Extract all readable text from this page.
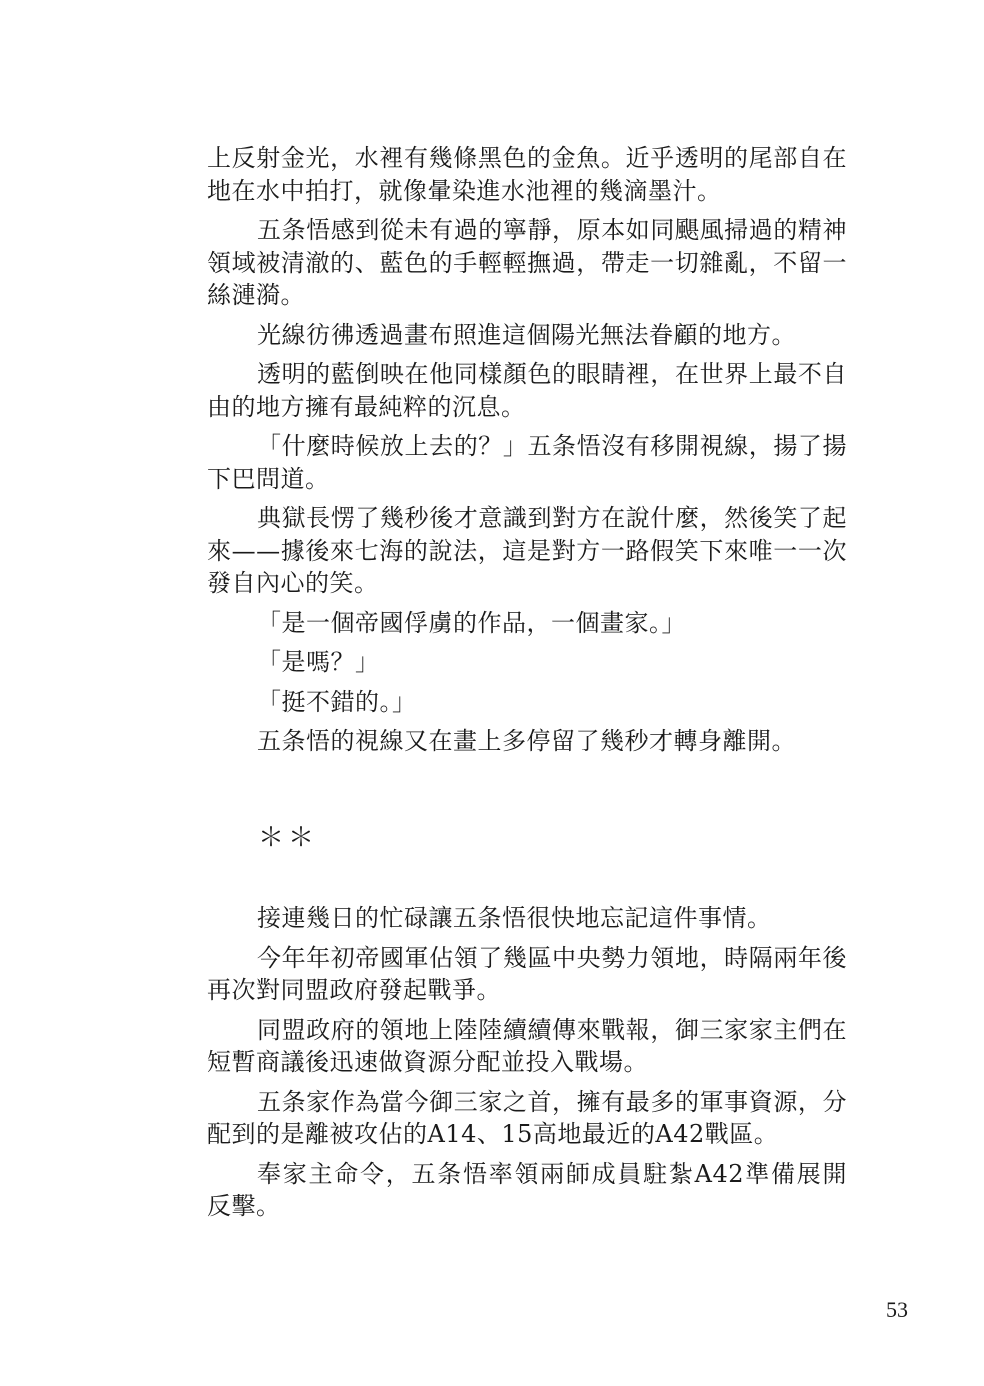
上反射金光，水裡有幾條黑色的金魚。近乎透明的尾部自在
地在水中拍打，就像暈染進水池裡的幾滴墨汁。
五条悟感到從未有過的寧靜，原本如同颶風掃過的精神
領域被清澈的、藍色的手輕輕撫過，帶走一切雜亂，不留一
絲漣漪。
光線彷彿透過畫布照進這個陽光無法眷顧的地方。
透明的藍倒映在他同樣顏色的眼睛裡，在世界上最不自
由的地方擁有最純粹的沉息。
「什麼時候放上去的？」五条悟沒有移開視線，揚了揚
下巴問道。
典獄長愣了幾秒後才意識到對方在說什麼，然後笑了起
來——據後來七海的說法，這是對方一路假笑下來唯一一次
發自內心的笑。
「是一個帝國俘虜的作品，一個畫家。」
「是嗎？」
「挺不錯的。」
五条悟的視線又在畫上多停留了幾秒才轉身離開。
＊＊
接連幾日的忙碌讓五条悟很快地忘記這件事情。
今年年初帝國軍佔領了幾區中央勢力領地，時隔兩年後
再次對同盟政府發起戰爭。
同盟政府的領地上陸陸續續傳來戰報，御三家家主們在
短暫商議後迅速做資源分配並投入戰場。
五条家作為當今御三家之首，擁有最多的軍事資源，分
配到的是離被攻佔的A14、15高地最近的A42戰區。
奉家主命令，五条悟率領兩師成員駐紮A42準備展開
反擊。
53
